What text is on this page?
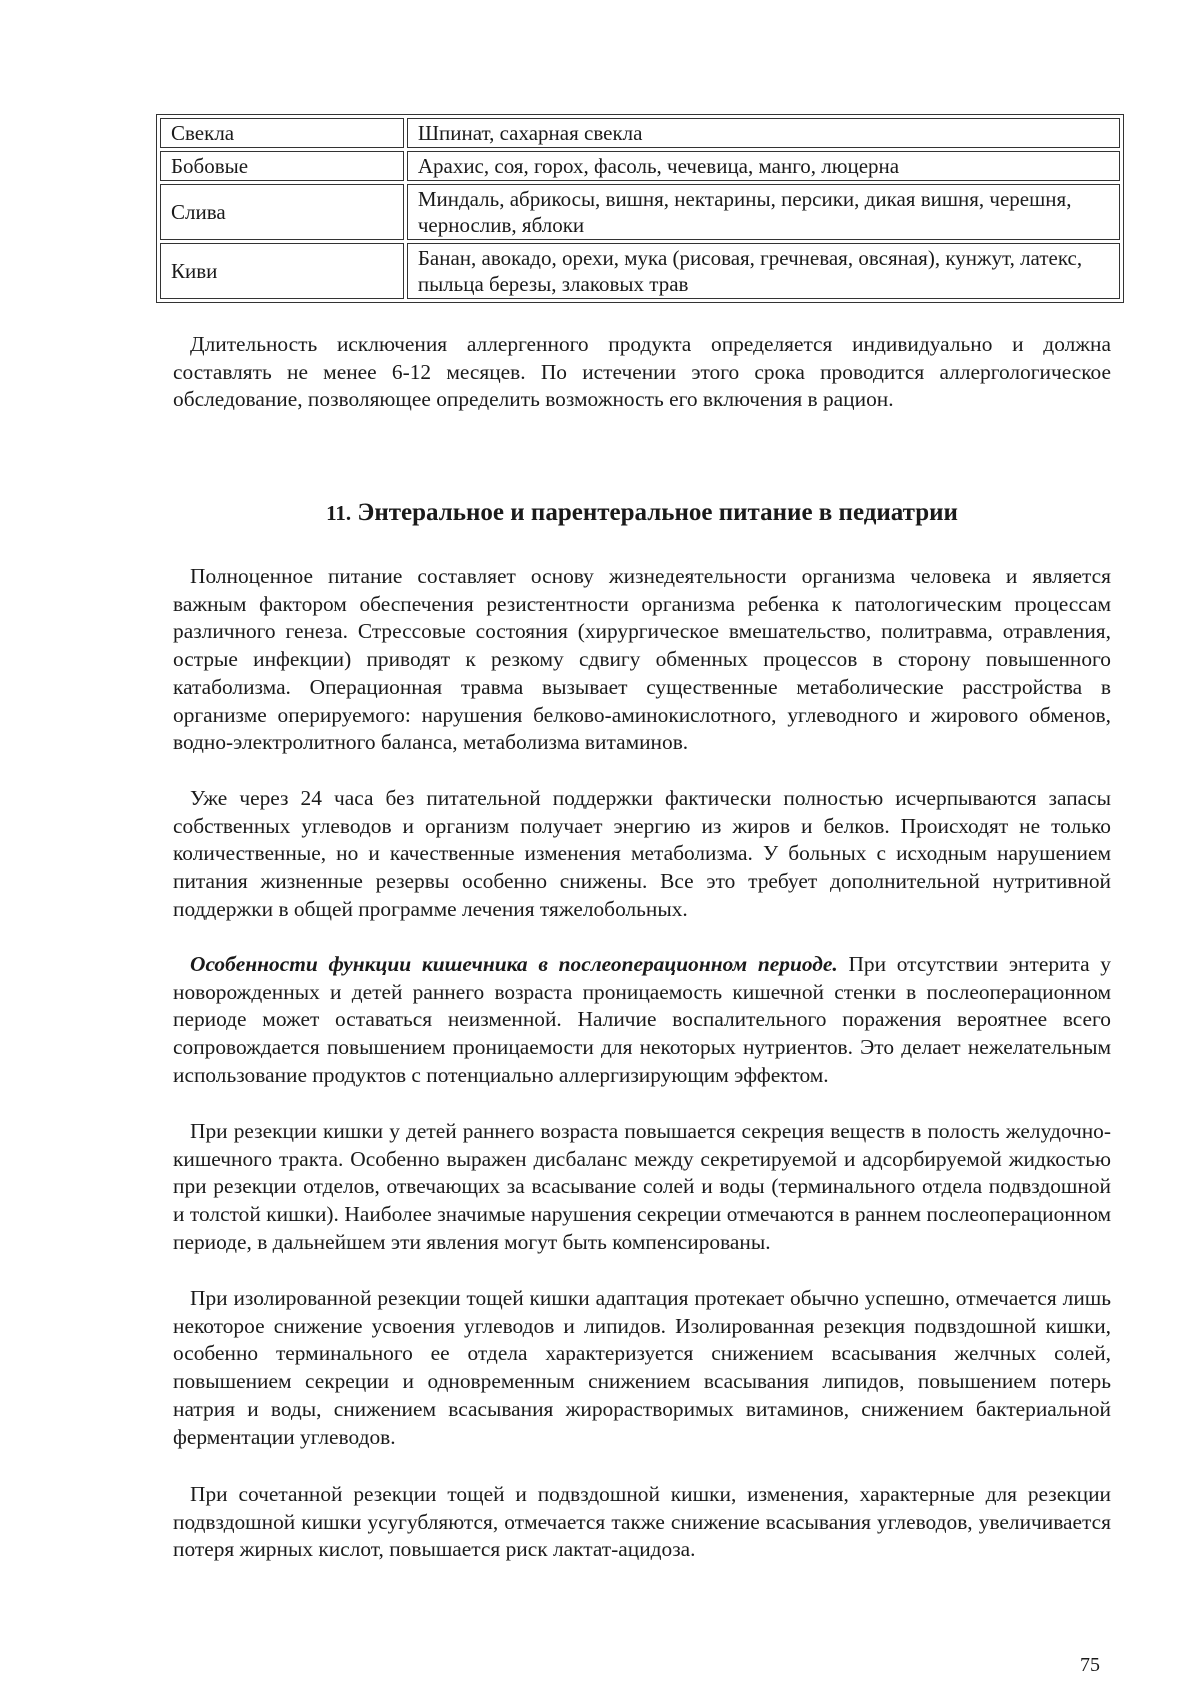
Свекла	Шпинат, сахарная свекла
Бобовые	Арахис, соя, горох, фасоль, чечевица, манго, люцерна
Слива	Миндаль, абрикосы, вишня, нектарины, персики, дикая вишня, черешня, чернослив, яблоки
Киви	Банан, авокадо, орехи, мука (рисовая, гречневая, овсяная), кунжут, латекс, пыльца березы, злаковых трав

Длительность исключения аллергенного продукта определяется индивидуально и должна составлять не менее 6-12 месяцев. По истечении этого срока проводится аллергологическое обследование, позволяющее определить возможность его включения в рацион.

11. Энтеральное и парентеральное питание в педиатрии

Полноценное питание составляет основу жизнедеятельности организма человека и является важным фактором обеспечения резистентности организма ребенка к патологическим процессам различного генеза. Стрессовые состояния (хирургическое вмешательство, политравма, отравления, острые инфекции) приводят к резкому сдвигу обменных процессов в сторону повышенного катаболизма. Операционная травма вызывает существенные метаболические расстройства в организме оперируемого: нарушения белково-аминокислотного, углеводного и жирового обменов, водно-электролитного баланса, метаболизма витаминов.

Уже через 24 часа без питательной поддержки фактически полностью исчерпываются запасы собственных углеводов и организм получает энергию из жиров и белков. Происходят не только количественные, но и качественные изменения метаболизма. У больных с исходным нарушением питания жизненные резервы особенно снижены. Все это требует дополнительной нутритивной поддержки в общей программе лечения тяжелобольных.

Особенности функции кишечника в послеоперационном периоде. При отсутствии энтерита у новорожденных и детей раннего возраста проницаемость кишечной стенки в послеоперационном периоде может оставаться неизменной. Наличие воспалительного поражения вероятнее всего сопровождается повышением проницаемости для некоторых нутриентов. Это делает нежелательным использование продуктов с потенциально аллергизирующим эффектом.

При резекции кишки у детей раннего возраста повышается секреция веществ в полость желудочно-кишечного тракта. Особенно выражен дисбаланс между секретируемой и адсорбируемой жидкостью при резекции отделов, отвечающих за всасывание солей и воды (терминального отдела подвздошной и толстой кишки). Наиболее значимые нарушения секреции отмечаются в раннем послеоперационном периоде, в дальнейшем эти явления могут быть компенсированы.

При изолированной резекции тощей кишки адаптация протекает обычно успешно, отмечается лишь некоторое снижение усвоения углеводов и липидов. Изолированная резекция подвздошной кишки, особенно терминального ее отдела характеризуется снижением всасывания желчных солей, повышением секреции и одновременным снижением всасывания липидов, повышением потерь натрия и воды, снижением всасывания жирорастворимых витаминов, снижением бактериальной ферментации углеводов.

При сочетанной резекции тощей и подвздошной кишки, изменения, характерные для резекции подвздошной кишки усугубляются, отмечается также снижение всасывания углеводов, увеличивается потеря жирных кислот, повышается риск лактат-ацидоза.

75
